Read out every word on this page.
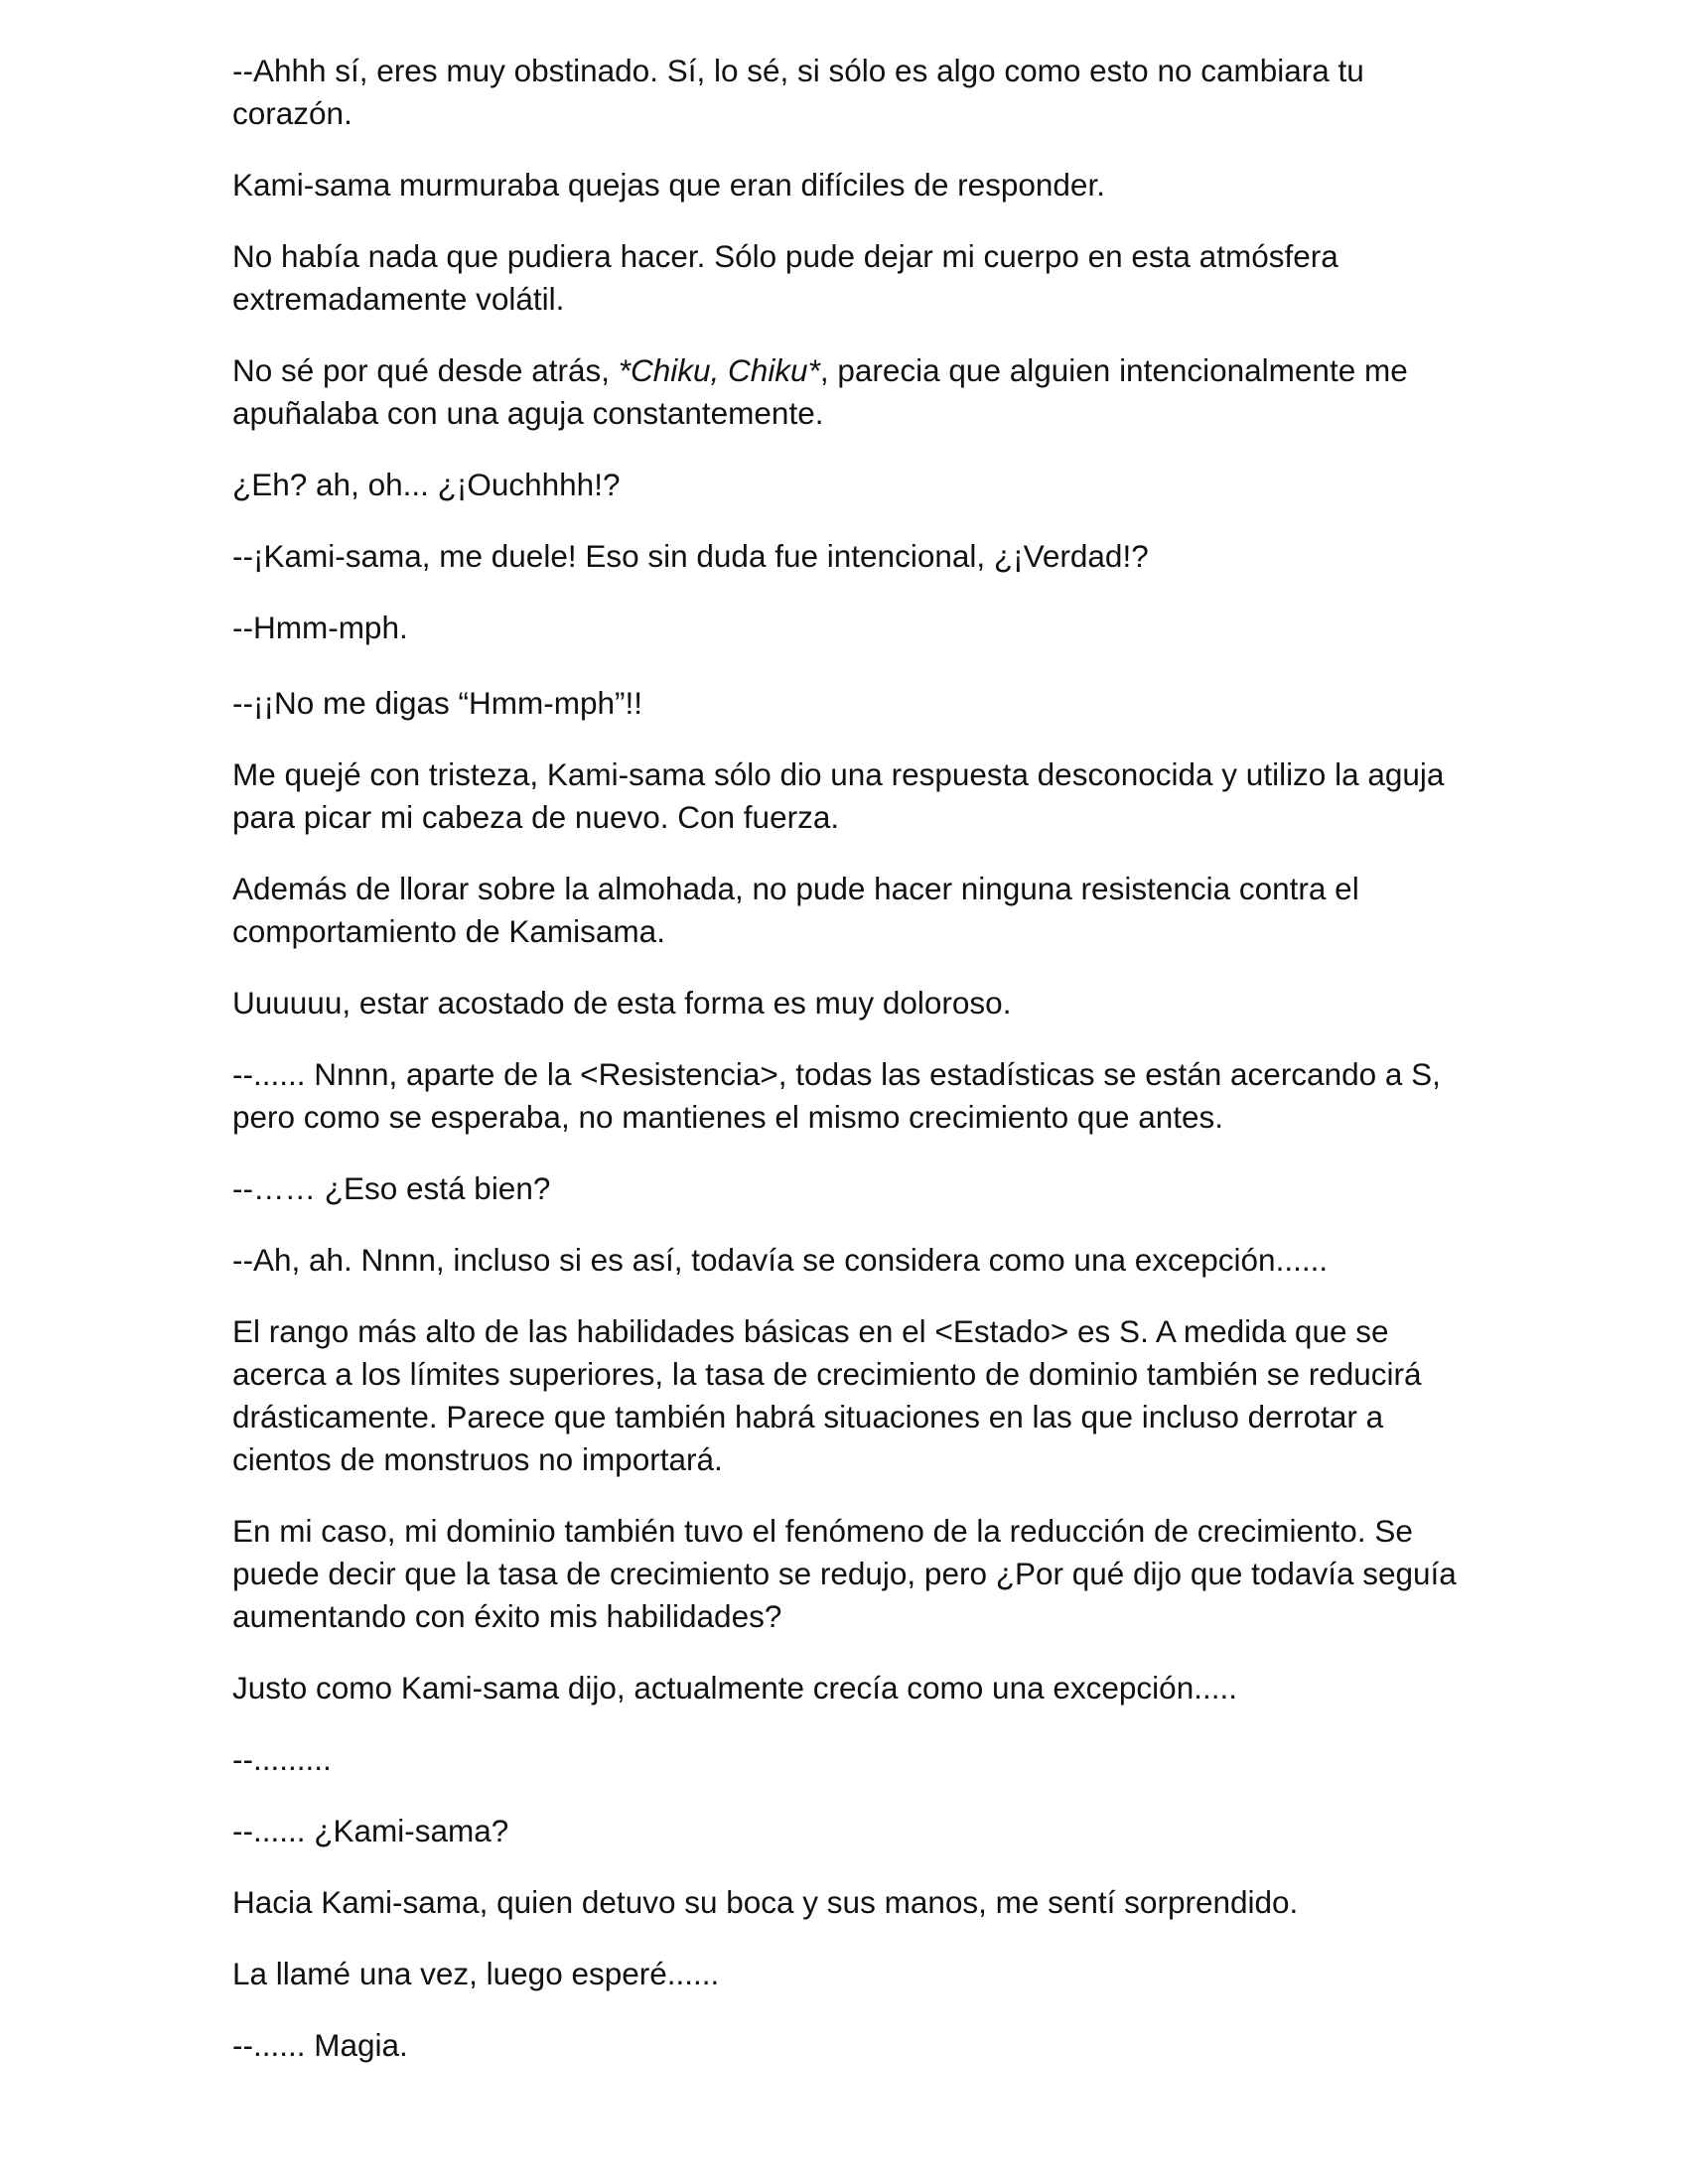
--Ahhh sí, eres muy obstinado. Sí, lo sé, si sólo es algo como esto no cambiara tu corazón.

Kami-sama murmuraba quejas que eran difíciles de responder.

No había nada que pudiera hacer. Sólo pude dejar mi cuerpo en esta atmósfera extremadamente volátil.

No sé por qué desde atrás, *Chiku, Chiku*, parecia que alguien intencionalmente me apuñalaba con una aguja constantemente.

¿Eh? ah, oh... ¿¡Ouchhhh!?

--¡Kami-sama, me duele! Eso sin duda fue intencional, ¿¡Verdad!?

--Hmm-mph.

--¡¡No me digas “Hmm-mph”!!

Me quejé con tristeza, Kami-sama sólo dio una respuesta desconocida y utilizo la aguja para picar mi cabeza de nuevo. Con fuerza.

Además de llorar sobre la almohada, no pude hacer ninguna resistencia contra el comportamiento de Kamisama.

Uuuuuu, estar acostado de esta forma es muy doloroso.

--...... Nnnn, aparte de la <Resistencia>, todas las estadísticas se están acercando a S, pero como se esperaba, no mantienes el mismo crecimiento que antes.

--…… ¿Eso está bien?

--Ah, ah. Nnnn, incluso si es así, todavía se considera como una excepción......

El rango más alto de las habilidades básicas en el <Estado> es S. A medida que se acerca a los límites superiores, la tasa de crecimiento de dominio también se reducirá drásticamente. Parece que también habrá situaciones en las que incluso derrotar a cientos de monstruos no importará.

En mi caso, mi dominio también tuvo el fenómeno de la reducción de crecimiento. Se puede decir que la tasa de crecimiento se redujo, pero ¿Por qué dijo que todavía seguía aumentando con éxito mis habilidades?

Justo como Kami-sama dijo, actualmente crecía como una excepción.....

--.........

--...... ¿Kami-sama?

Hacia Kami-sama, quien detuvo su boca y sus manos, me sentí sorprendido.

La llamé una vez, luego esperé......

--...... Magia.
